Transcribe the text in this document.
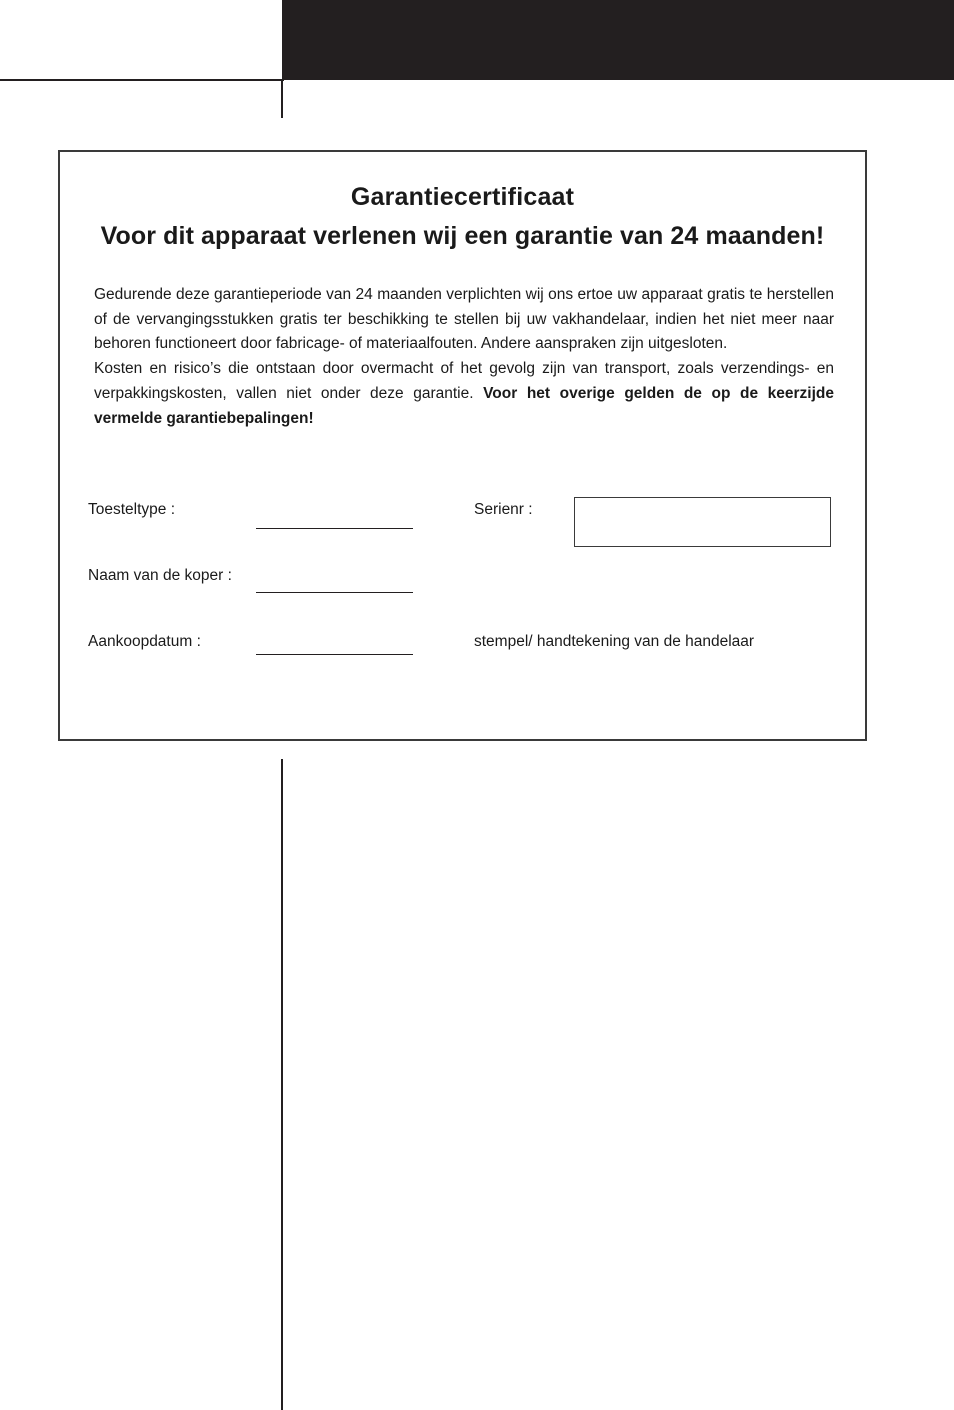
Garantiecertificaat
Voor dit apparaat verlenen wij een garantie van 24 maanden!

Gedurende deze garantieperiode van 24 maanden verplichten wij ons ertoe uw apparaat gratis te herstellen of de vervangingsstukken gratis ter beschikking te stellen bij uw vakhandelaar, indien het niet meer naar behoren functioneert door fabricage- of materiaalfouten. Andere aanspraken zijn uitgesloten.

Kosten en risico’s die ontstaan door overmacht of het gevolg zijn van transport, zoals verzendings- en verpakkingskosten, vallen niet onder deze garantie. Voor het overige gelden de op de keerzijde vermelde garantiebepalingen!

Toesteltype :	Serienr :
Naam van de koper :
Aankoopdatum :	stempel/ handtekening van de handelaar
